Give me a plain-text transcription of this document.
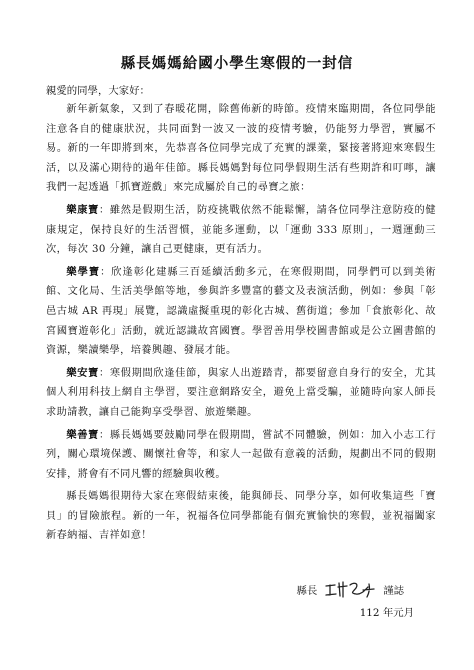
縣長媽媽給國小學生寒假的一封信
親愛的同學，大家好：

新年新氣象，又到了春暖花開，除舊佈新的時節。疫情來臨期間，各位同學能注意各自的健康狀況，共同面對一波又一波的疫情考驗，仍能努力學習，實屬不易。新的一年即將到來，先恭喜各位同學完成了充實的課業，緊接著將迎來寒假生活，以及滿心期待的過年佳節。縣長媽媽對每位同學假期生活有些期許和叮嚀，讓我們一起透過「抓寶遊戲」來完成屬於自己的尋寶之旅：

樂康寶：雖然是假期生活，防疫挑戰依然不能鬆懈，請各位同學注意防疫的健康規定，保持良好的生活習慣，並能多運動，以「運動 333 原則」，一週運動三次，每次 30 分鐘，讓自己更健康，更有活力。

樂學寶：欣逢彰化建縣三百延續活動多元，在寒假期間，同學們可以到美術館、文化局、生活美學館等地，參與許多豐富的藝文及表演活動，例如：參與「彰邑古城 AR 再現」展覽，認識虛擬重現的彰化古城、舊街道；參加「食旅彰化、故宮國寶遊彰化」活動，就近認識故宮國寶。學習善用學校圖書館或是公立圖書館的資源，樂讀樂學，培養興趣、發展才能。

樂安寶：寒假期間欣逢佳節，與家人出遊踏青，都要留意自身行的安全，尤其個人利用科技上網自主學習，要注意網路安全，避免上當受騙，並隨時向家人師長求助請教，讓自己能夠享受學習、旅遊樂趣。

樂善寶：縣長媽媽要鼓勵同學在假期間，嘗試不同體驗，例如：加入小志工行列，關心環境保護、關懷社會等，和家人一起做有意義的活動，規劃出不同的假期安排，將會有不同凡響的經驗與收穫。

縣長媽媽很期待大家在寒假結束後，能與師長、同學分享，如何收集這些「寶貝」的冒險旅程。新的一年，祝福各位同學都能有個充實愉快的寒假，並祝福闔家新春納福、吉祥如意！

縣長	謹誌
112 年元月
